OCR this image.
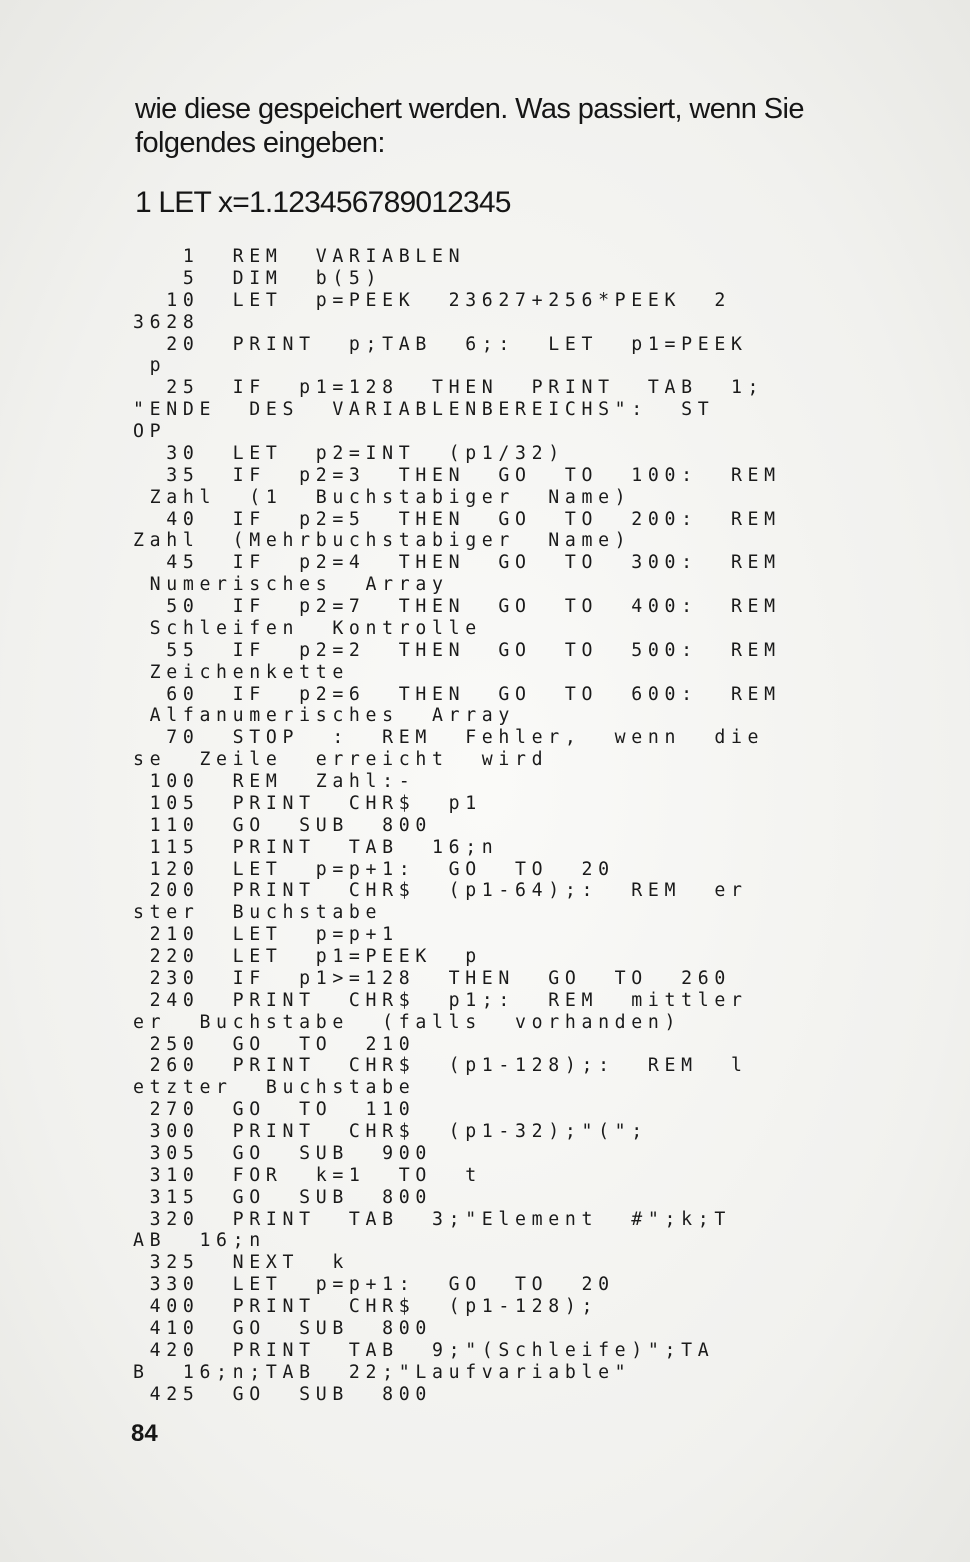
wie diese gespeichert werden. Was passiert, wenn Sie

folgendes eingeben:

1 LET x=1.123456789012345
1  REM  VARIABLEN
5  DIM  b(5)
10  LET  p=PEEK  23627+256*PEEK  2
3628
20  PRINT  p;TAB  6;:  LET  p1=PEEK
p
25  IF  p1=128  THEN  PRINT  TAB  1;
"ENDE  DES  VARIABLENBEREICHS":  ST
OP
30  LET  p2=INT  (p1/32)
35  IF  p2=3  THEN  GO  TO  100:  REM
Zahl  (1  Buchstabiger  Name)
40  IF  p2=5  THEN  GO  TO  200:  REM
Zahl  (Mehrbuchstabiger  Name)
45  IF  p2=4  THEN  GO  TO  300:  REM
Numerisches  Array
50  IF  p2=7  THEN  GO  TO  400:  REM
Schleifen  Kontrolle
55  IF  p2=2  THEN  GO  TO  500:  REM
Zeichenkette
60  IF  p2=6  THEN  GO  TO  600:  REM
Alfanumerisches  Array
70  STOP  :  REM  Fehler,  wenn  die
se  Zeile  erreicht  wird
100  REM  Zahl:-
105  PRINT  CHR$  p1
110  GO  SUB  800
115  PRINT  TAB  16;n
120  LET  p=p+1:  GO  TO  20
200  PRINT  CHR$  (p1-64);:  REM  er
ster  Buchstabe
210  LET  p=p+1
220  LET  p1=PEEK  p
230  IF  p1>=128  THEN  GO  TO  260
240  PRINT  CHR$  p1;:  REM  mittler
er  Buchstabe  (falls  vorhanden)
250  GO  TO  210
260  PRINT  CHR$  (p1-128);:  REM  l
etzter  Buchstabe
270  GO  TO  110
300  PRINT  CHR$  (p1-32);"(";
305  GO  SUB  900
310  FOR  k=1  TO  t
315  GO  SUB  800
320  PRINT  TAB  3;"Element  #";k;T
AB  16;n
325  NEXT  k
330  LET  p=p+1:  GO  TO  20
400  PRINT  CHR$  (p1-128);
410  GO  SUB  800
420  PRINT  TAB  9;"(Schleife)";TA
B  16;n;TAB  22;"Laufvariable"
425  GO  SUB  800
84
